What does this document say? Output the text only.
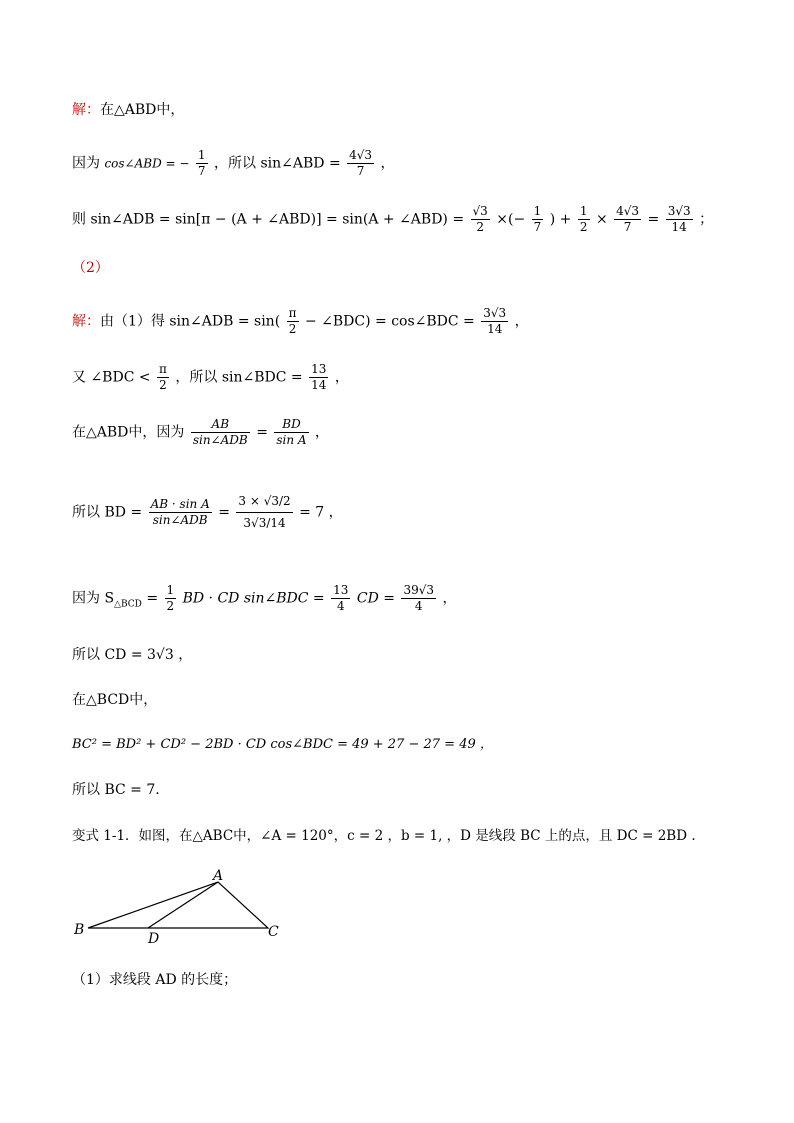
解：在△ABD中，
因为 cos∠ABD = − $\frac{1}{7}$ ，所以 sin∠ABD = $\frac{4√3}{7}$ ，
则 sin∠ADB = sin[π − (A + ∠ABD)] = sin(A + ∠ABD) = $\frac{√3}{2}$ ×(− $\frac{1}{7}$ ) + $\frac{1}{2} \times \frac{4√3}{7} = \frac{3√3}{14}$ ；
（2）
解：由（1）得 sin∠ADB = $\sin( \frac{\pi}{2}$ − ∠BDC) = cos∠BDC = $\frac{3√3}{14}$ ，
又 ∠BDC < $\frac{\pi}{2}$ ，所以 sin∠BDC = $\frac{13}{14}$ ，
在△ABD中，因为 $\frac{AB}{\text{sin∠ADB}} = \frac{BD}{\text{sin A}}$ ，
所以 BD = $\frac{\text{AB · sin A}}{\text{sin∠ADB}} = \frac{3 \times √3/2}{3√3/14} = 7$ ，
因为 $S_{\triangle BCD} = \frac{1}{2}$ BD · CD sin∠BDC = $\frac{13}{4}$ CD = $\frac{39√3}{4}$ ，
所以 CD = 3√3 ，
在△BCD中，
BC² = BD² + CD² − 2BD · CD cos∠BDC = 49 + 27 − 27 = 49 ，
所以 BC = 7.
变式 1-1．如图，在△ABC中，∠A = 120°，c = 2 ，b = 1, ，D 是线段 BC 上的点，且 DC = 2BD .
A
B	C
D
（1）求线段 AD 的长度；
